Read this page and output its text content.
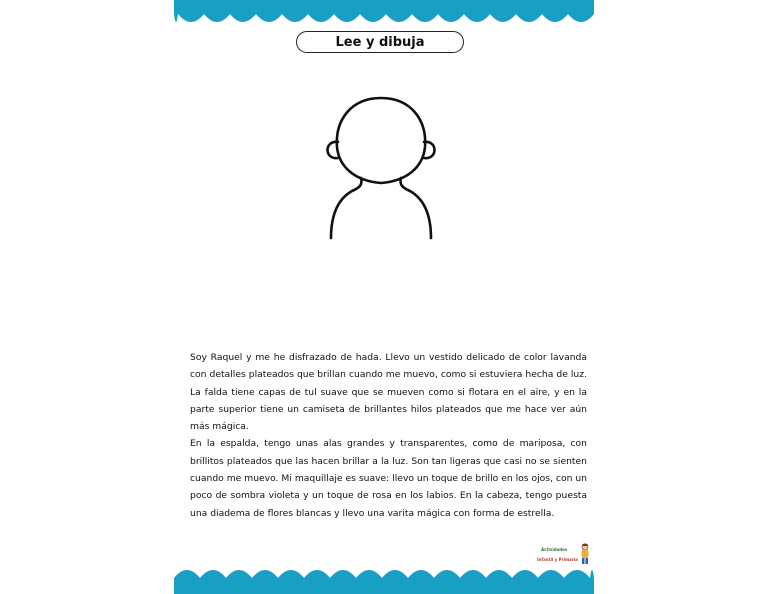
Lee y dibuja

Soy Raquel y me he disfrazado de hada. Llevo un vestido delicado de color lavanda con detalles plateados que brillan cuando me muevo, como si estuviera hecha de luz. La falda tiene capas de tul suave que se mueven como si flotara en el aire, y en la parte superior tiene un camiseta de brillantes hilos plateados que me hace ver aún más mágica.

En la espalda, tengo unas alas grandes y transparentes, como de mariposa, con brillitos plateados que las hacen brillar a la luz. Son tan ligeras que casi no se sienten cuando me muevo. Mi maquillaje es suave: llevo un toque de brillo en los ojos, con un poco de sombra violeta y un toque de rosa en los labios. En la cabeza, tengo puesta una diadema de flores blancas y llevo una varita mágica con forma de estrella.

Actividades
Infantil y Primaria
